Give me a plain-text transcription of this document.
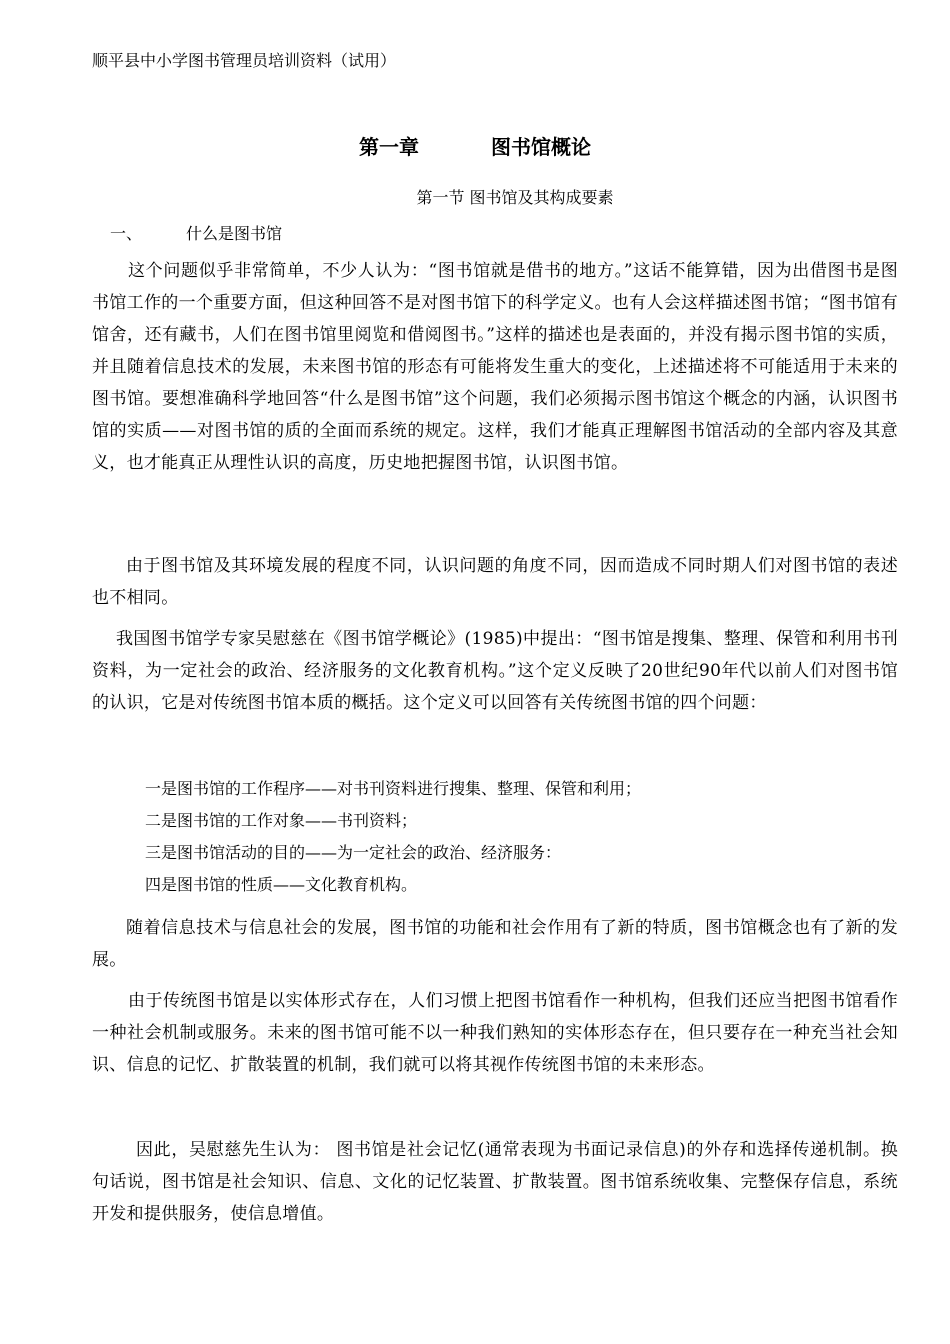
顺平县中小学图书管理员培训资料（试用）
第一章	图书馆概论
第一节 图书馆及其构成要素
一、	什么是图书馆

这个问题似乎非常简单，不少人认为：“图书馆就是借书的地方。”这话不能算错，因为出借图书是图书馆工作的一个重要方面，但这种回答不是对图书馆下的科学定义。也有人会这样描述图书馆；“图书馆有馆舍，还有藏书，人们在图书馆里阅览和借阅图书。”这样的描述也是表面的，并没有揭示图书馆的实质，并且随着信息技术的发展，未来图书馆的形态有可能将发生重大的变化，上述描述将不可能适用于未来的图书馆。要想准确科学地回答“什么是图书馆”这个问题，我们必须揭示图书馆这个概念的内涵，认识图书馆的实质——对图书馆的质的全面而系统的规定。这样，我们才能真正理解图书馆活动的全部内容及其意义，也才能真正从理性认识的高度，历史地把握图书馆，认识图书馆。

由于图书馆及其环境发展的程度不同，认识问题的角度不同，因而造成不同时期人们对图书馆的表述也不相同。

我国图书馆学专家吴慰慈在《图书馆学概论》(1985)中提出：“图书馆是搜集、整理、保管和利用书刊资料，为一定社会的政治、经济服务的文化教育机构。”这个定义反映了20世纪90年代以前人们对图书馆的认识，它是对传统图书馆本质的概括。这个定义可以回答有关传统图书馆的四个问题：

一是图书馆的工作程序——对书刊资料进行搜集、整理、保管和利用；
二是图书馆的工作对象——书刊资料；
三是图书馆活动的目的——为一定社会的政治、经济服务：
四是图书馆的性质——文化教育机构。

随着信息技术与信息社会的发展，图书馆的功能和社会作用有了新的特质，图书馆概念也有了新的发展。

由于传统图书馆是以实体形式存在，人们习惯上把图书馆看作一种机构，但我们还应当把图书馆看作一种社会机制或服务。未来的图书馆可能不以一种我们熟知的实体形态存在，但只要存在一种充当社会知识、信息的记忆、扩散装置的机制，我们就可以将其视作传统图书馆的未来形态。

因此，吴慰慈先生认为： 图书馆是社会记忆(通常表现为书面记录信息)的外存和选择传递机制。换句话说，图书馆是社会知识、信息、文化的记忆装置、扩散装置。图书馆系统收集、完整保存信息，系统开发和提供服务，使信息增值。
